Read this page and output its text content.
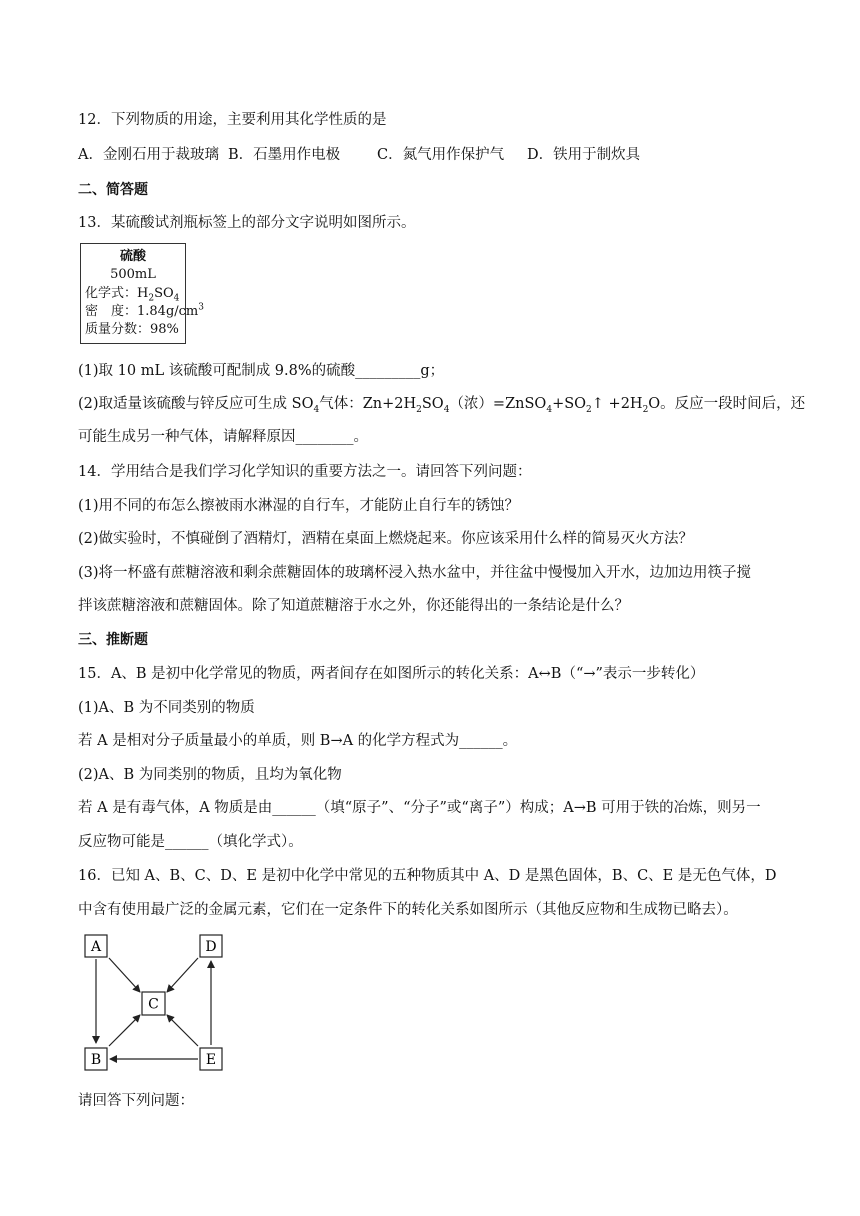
12．下列物质的用途，主要利用其化学性质的是
A．金刚石用于裁玻璃 B．石墨用作电极	C．氮气用作保护气 D．铁用于制炊具
二、简答题
13．某硫酸试剂瓶标签上的部分文字说明如图所示。
硫酸
500mL
化学式：$H_2SO_4$
密　度：$1.84g/cm^3$
质量分数：98%
(1)取 10 mL 该硫酸可配制成 9.8%的硫酸_________g；
(2)取适量该硫酸与锌反应可生成 $SO_4$气体：$Zn+2H_2SO_4$（浓）$=ZnSO_4+SO_2↑ +2H_2O$。反应一段时间后，还
可能生成另一种气体，请解释原因________。
14．学用结合是我们学习化学知识的重要方法之一。请回答下列问题：
(1)用不同的布怎么擦被雨水淋湿的自行车，才能防止自行车的锈蚀？
(2)做实验时，不慎碰倒了酒精灯，酒精在桌面上燃烧起来。你应该采用什么样的简易灭火方法？
(3)将一杯盛有蔗糖溶液和剩余蔗糖固体的玻璃杯浸入热水盆中，并往盆中慢慢加入开水，边加边用筷子搅
拌该蔗糖溶液和蔗糖固体。除了知道蔗糖溶于水之外，你还能得出的一条结论是什么？
三、推断题
15．A、B 是初中化学常见的物质，两者间存在如图所示的转化关系：A↔B（“→”表示一步转化）
(1)A、B 为不同类别的物质
若 A 是相对分子质量最小的单质，则 B→A 的化学方程式为______。
(2)A、B 为同类别的物质，且均为氧化物
若 A 是有毒气体，A 物质是由______（填“原子”、“分子”或“离子”）构成；A→B 可用于铁的冶炼，则另一
反应物可能是______（填化学式）。
16．已知 A、B、C、D、E 是初中化学中常见的五种物质其中 A、D 是黑色固体，B、C、E 是无色气体，D
中含有使用最广泛的金属元素，它们在一定条件下的转化关系如图所示（其他反应物和生成物已略去）。
A	D
C
B	E
请回答下列问题：
